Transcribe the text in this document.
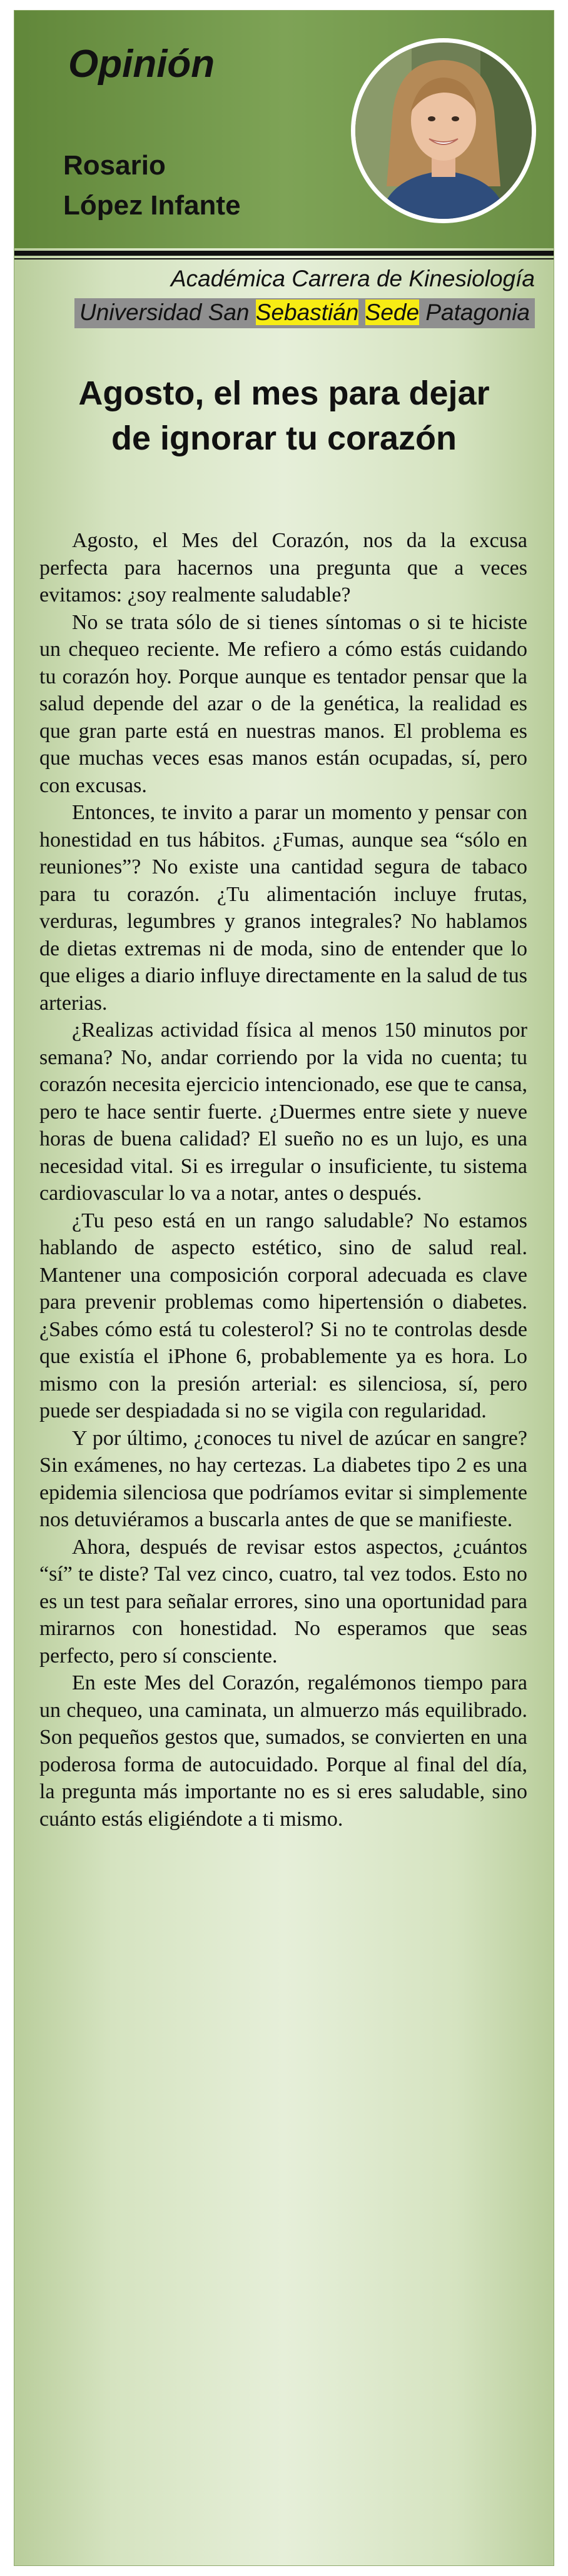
Opinión
Rosario
López Infante
Académica Carrera de Kinesiología
Universidad San Sebastián Sede Patagonia
Agosto, el mes para dejar
de ignorar tu corazón

Agosto, el Mes del Corazón, nos da la excusa perfecta para hacernos una pregunta que a veces evitamos: ¿soy realmente saludable?

No se trata sólo de si tienes síntomas o si te hiciste un chequeo reciente. Me refiero a cómo estás cuidando tu corazón hoy. Porque aunque es tentador pensar que la salud depende del azar o de la genética, la realidad es que gran parte está en nuestras manos. El problema es que muchas veces esas manos están ocupadas, sí, pero con excusas.

Entonces, te invito a parar un momento y pensar con honestidad en tus hábitos. ¿Fumas, aunque sea “sólo en reuniones”? No existe una cantidad segura de tabaco para tu corazón. ¿Tu alimentación incluye frutas, verduras, legumbres y granos integrales? No hablamos de dietas extremas ni de moda, sino de entender que lo que eliges a diario influye directamente en la salud de tus arterias.

¿Realizas actividad física al menos 150 minutos por semana? No, andar corriendo por la vida no cuenta; tu corazón necesita ejercicio intencionado, ese que te cansa, pero te hace sentir fuerte. ¿Duermes entre siete y nueve horas de buena calidad? El sueño no es un lujo, es una necesidad vital. Si es irregular o insuficiente, tu sistema cardiovascular lo va a notar, antes o después.

¿Tu peso está en un rango saludable? No estamos hablando de aspecto estético, sino de salud real. Mantener una composición corporal adecuada es clave para prevenir problemas como hipertensión o diabetes. ¿Sabes cómo está tu colesterol? Si no te controlas desde que existía el iPhone 6, probablemente ya es hora. Lo mismo con la presión arterial: es silenciosa, sí, pero puede ser despiadada si no se vigila con regularidad.

Y por último, ¿conoces tu nivel de azúcar en sangre? Sin exámenes, no hay certezas. La diabetes tipo 2 es una epidemia silenciosa que podríamos evitar si simplemente nos detuviéramos a buscarla antes de que se manifieste.

Ahora, después de revisar estos aspectos, ¿cuántos “sí” te diste? Tal vez cinco, cuatro, tal vez todos. Esto no es un test para señalar errores, sino una oportunidad para mirarnos con honestidad. No esperamos que seas perfecto, pero sí consciente.

En este Mes del Corazón, regalémonos tiempo para un chequeo, una caminata, un almuerzo más equilibrado. Son pequeños gestos que, sumados, se convierten en una poderosa forma de autocuidado. Porque al final del día, la pregunta más importante no es si eres saludable, sino cuánto estás eligiéndote a ti mismo.
